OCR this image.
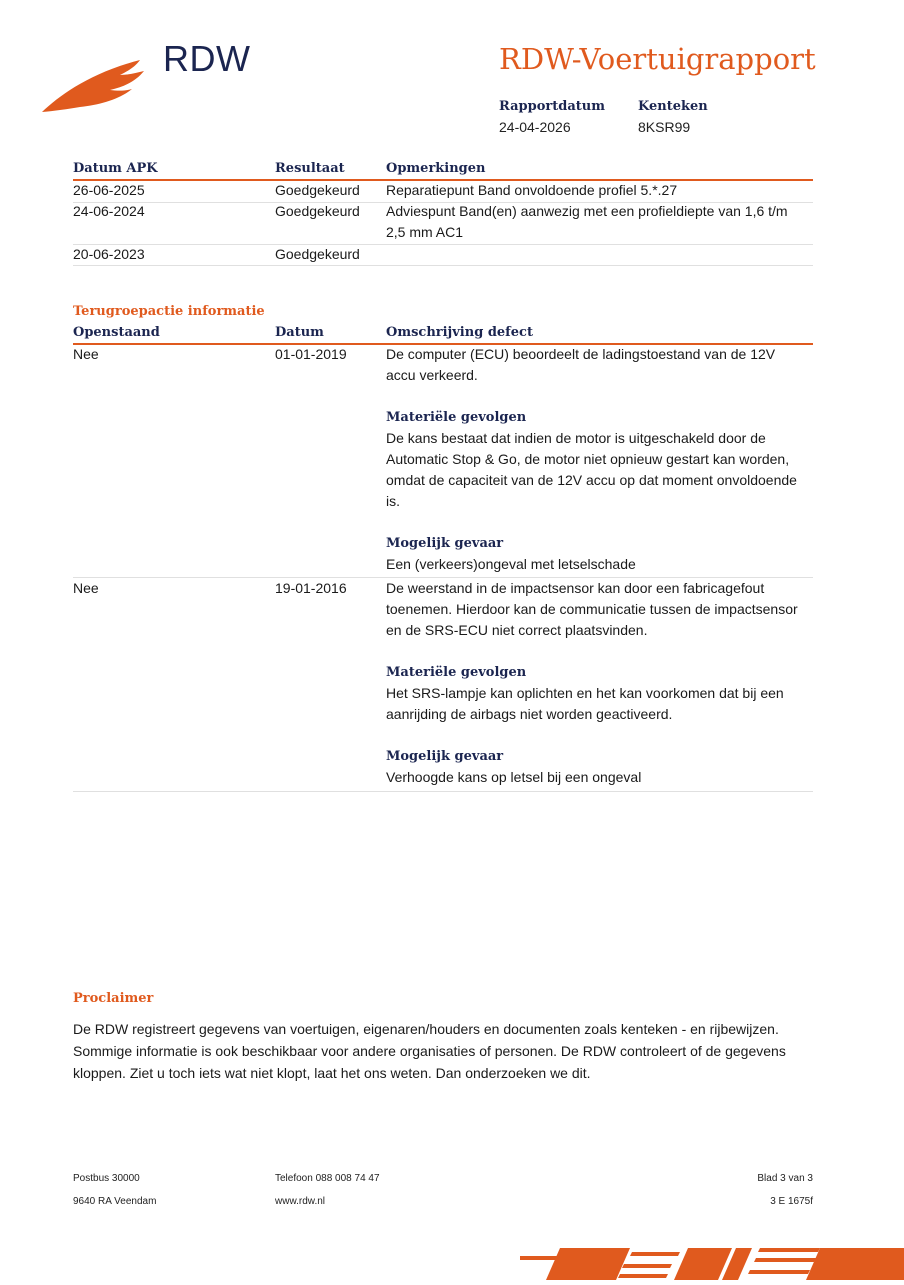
RDW	RDW-Voertuigrapport
Rapportdatum
24-04-2026
Kenteken
8KSR99
Datum APK	Resultaat	Opmerkingen
26-06-2025	Goedgekeurd Reparatiepunt Band onvoldoende profiel 5.*.27
24-06-2024	Goedgekeurd Adviespunt Band(en) aanwezig met een profieldiepte van 1,6 t/m 2,5 mm AC1
20-06-2023	Goedgekeurd
Terugroepactie informatie
Openstaand	Datum	Omschrijving defect
Nee	01-01-2019	De computer (ECU) beoordeelt de ladingstoestand van de 12V accu verkeerd.
Materiële gevolgen
De kans bestaat dat indien de motor is uitgeschakeld door de Automatic Stop & Go, de motor niet opnieuw gestart kan worden, omdat de capaciteit van de 12V accu op dat moment onvoldoende is.
Mogelijk gevaar
Een (verkeers)ongeval met letselschade
Nee	19-01-2016	De weerstand in de impactsensor kan door een fabricagefout toenemen. Hierdoor kan de communicatie tussen de impactsensor en de SRS-ECU niet correct plaatsvinden.
Materiële gevolgen
Het SRS-lampje kan oplichten en het kan voorkomen dat bij een aanrijding de airbags niet worden geactiveerd.
Mogelijk gevaar
Verhoogde kans op letsel bij een ongeval
Proclaimer
De RDW registreert gegevens van voertuigen, eigenaren/houders en documenten zoals kenteken - en rijbewijzen. Sommige informatie is ook beschikbaar voor andere organisaties of personen. De RDW controleert of de gegevens kloppen. Ziet u toch iets wat niet klopt, laat het ons weten. Dan onderzoeken we dit.
Postbus 30000
9640 RA Veendam
Telefoon 088 008 74 47
www.rdw.nl
Blad 3 van 3
3 E 1675f
